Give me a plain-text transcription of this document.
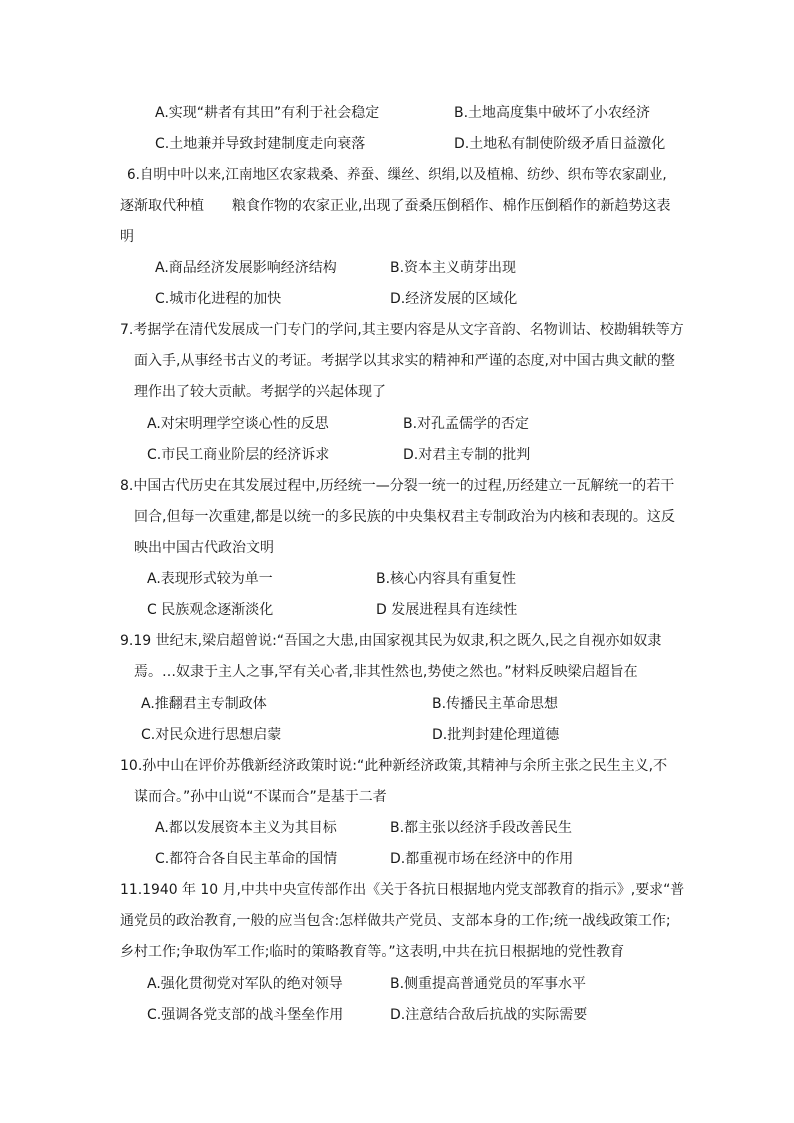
A.实现“耕者有其田”有利于社会稳定	B.土地高度集中破坏了小农经济
C.土地兼并导致封建制度走向衰落	D.土地私有制使阶级矛盾日益激化
6.自明中叶以来,江南地区农家栽桑、养蚕、缫丝、织绢,以及植棉、纺纱、织布等农家副业,
逐渐取代种植　　粮食作物的农家正业,出现了蚕桑压倒稻作、棉作压倒稻作的新趋势这表
明
A.商品经济发展影响经济结构	B.资本主义萌芽出现
C.城市化进程的加快	D.经济发展的区域化
7.考据学在清代发展成一门专门的学问,其主要内容是从文字音韵、名物训诂、校勘辑轶等方
面入手,从事经书古义的考证。考据学以其求实的精神和严谨的态度,对中国古典文献的整
理作出了较大贡献。考据学的兴起体现了
A.对宋明理学空谈心性的反思	B.对孔孟儒学的否定
C.市民工商业阶层的经济诉求	D.对君主专制的批判
8.中国古代历史在其发展过程中,历经统一—分裂一统一的过程,历经建立一瓦解统一的若干
回合,但每一次重建,都是以统一的多民族的中央集权君主专制政治为内核和表现的。这反
映出中国古代政治文明
A.表现形式较为单一	B.核心内容具有重复性
C 民族观念逐渐淡化	D 发展进程具有连续性
9.19 世纪末,梁启超曾说:“吾国之大患,由国家视其民为奴隶,积之既久,民之自视亦如奴隶
焉。…奴隶于主人之事,罕有关心者,非其性然也,势使之然也。”材料反映梁启超旨在
A.推翻君主专制政体	B.传播民主革命思想
C.对民众进行思想启蒙	D.批判封建伦理道德
10.孙中山在评价苏俄新经济政策时说:“此种新经济政策,其精神与余所主张之民生主义,不
谋而合。”孙中山说“不谋而合”是基于二者
A.都以发展资本主义为其目标	B.都主张以经济手段改善民生
C.都符合各自民主革命的国情	D.都重视市场在经济中的作用
11.1940 年 10 月,中共中央宣传部作出《关于各抗日根据地内党支部教育的指示》,要求“普
通党员的政治教育,一般的应当包含:怎样做共产党员、支部本身的工作;统一战线政策工作;
乡村工作;争取伪军工作;临时的策略教育等。”这表明,中共在抗日根据地的党性教育
A.强化贯彻党对军队的绝对领导	B.侧重提高普通党员的军事水平
C.强调各党支部的战斗堡垒作用	D.注意结合敌后抗战的实际需要
